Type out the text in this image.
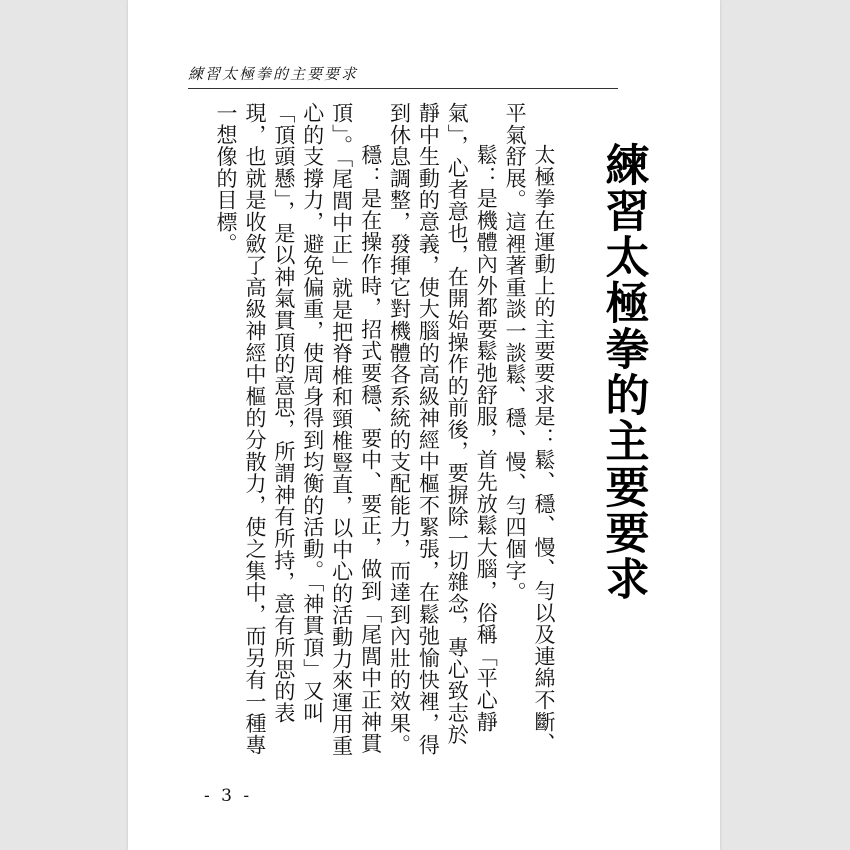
練習太極拳的主要要求
練習太極拳的主要要求

太極拳在運動上的主要要求是：鬆、穩、慢、勻以及連綿不斷、平氣舒展。這裡著重談一談鬆、穩、慢、勻四個字。

鬆：是機體內外都要鬆弛舒服，首先放鬆大腦，俗稱「平心靜氣」，心者意也，在開始操作的前後，要摒除一切雜念，專心致志於靜中生動的意義，使大腦的高級神經中樞不緊張，在鬆弛愉快裡，得到休息調整，發揮它對機體各系統的支配能力，而達到內壯的效果。

穩：是在操作時，招式要穩、要中、要正，做到「尾閭中正神貫頂」。「尾閭中正」就是把脊椎和頸椎豎直，以中心的活動力來運用重心的支撐力，避免偏重，使周身得到均衡的活動。「神貫頂」又叫「頂頭懸」，是以神氣貫頂的意思，所謂神有所持，意有所思的表現，也就是收斂了高級神經中樞的分散力，使之集中，而另有一種專一想像的目標。

- 3 -
